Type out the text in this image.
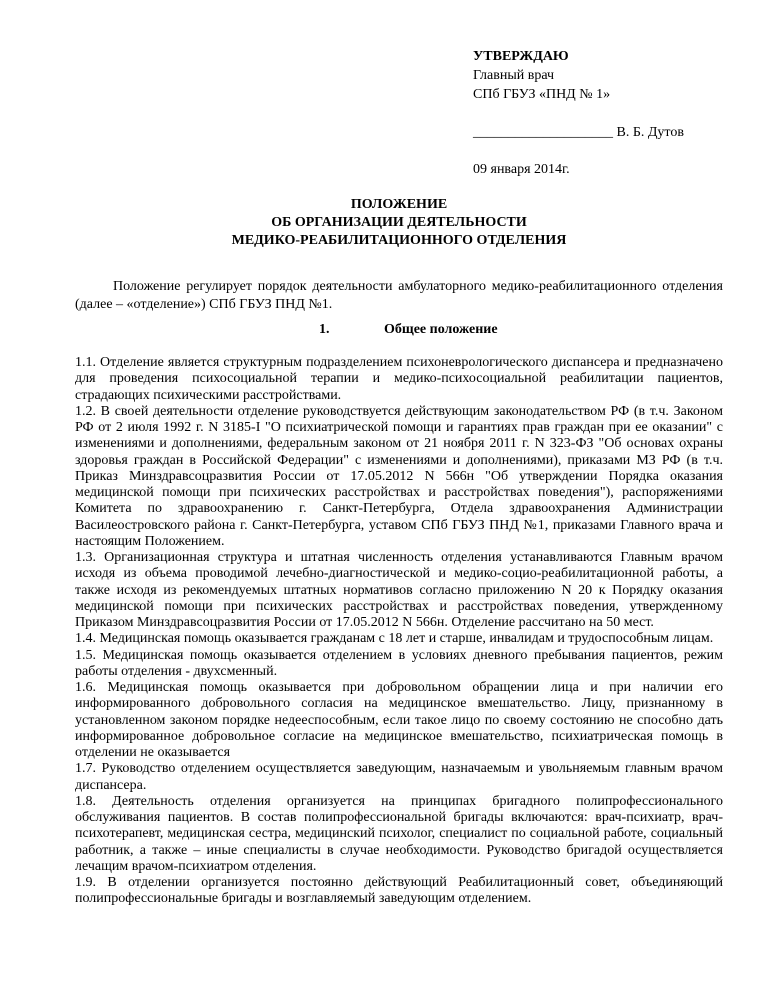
УТВЕРЖДАЮ
Главный врач
СПб ГБУЗ «ПНД № 1»
____________________ В. Б. Дутов
09 января 2014г.
ПОЛОЖЕНИЕ
ОБ ОРГАНИЗАЦИИ ДЕЯТЕЛЬНОСТИ
МЕДИКО-РЕАБИЛИТАЦИОННОГО ОТДЕЛЕНИЯ
Положение регулирует порядок деятельности амбулаторного медико-реабилитационного отделения (далее – «отделение») СПб ГБУЗ ПНД №1.
1.	Общее положение

1.1. Отделение является структурным подразделением психоневрологического диспансера и предназначено для проведения психосоциальной терапии и медико-психосоциальной реабилитации пациентов, страдающих психическими расстройствами.

1.2. В своей деятельности отделение руководствуется действующим законодательством РФ (в т.ч. Законом РФ от 2 июля 1992 г. N 3185-I "О психиатрической помощи и гарантиях прав граждан при ее оказании" с изменениями и дополнениями, федеральным законом от 21 ноября 2011 г. N 323-ФЗ "Об основах охраны здоровья граждан в Российской Федерации" с изменениями и дополнениями), приказами МЗ РФ (в т.ч. Приказ Минздравсоцразвития России от 17.05.2012 N 566н "Об утверждении Порядка оказания медицинской помощи при психических расстройствах и расстройствах поведения"), распоряжениями Комитета по здравоохранению г. Санкт-Петербурга, Отдела здравоохранения Администрации Василеостровского района г. Санкт-Петербурга, уставом СПб ГБУЗ ПНД №1, приказами Главного врача и настоящим Положением.

1.3. Организационная структура и штатная численность отделения устанавливаются Главным врачом исходя из объема проводимой лечебно-диагностической и медико-социо-реабилитационной работы, а также исходя из рекомендуемых штатных нормативов согласно приложению N 20 к Порядку оказания медицинской помощи при психических расстройствах и расстройствах поведения, утвержденному Приказом Минздравсоцразвития России от 17.05.2012 N 566н. Отделение рассчитано на 50 мест.

1.4. Медицинская помощь оказывается гражданам с 18 лет и старше, инвалидам и трудоспособным лицам.

1.5. Медицинская помощь оказывается отделением в условиях дневного пребывания пациентов, режим работы отделения - двухсменный.

1.6. Медицинская помощь оказывается при добровольном обращении лица и при наличии его информированного добровольного согласия на медицинское вмешательство. Лицу, признанному в установленном законом порядке недееспособным, если такое лицо по своему состоянию не способно дать информированное добровольное согласие на медицинское вмешательство, психиатрическая помощь в отделении не оказывается

1.7. Руководство отделением осуществляется заведующим, назначаемым и увольняемым главным врачом диспансера.

1.8. Деятельность отделения организуется на принципах бригадного полипрофессионального обслуживания пациентов. В состав полипрофессиональной бригады включаются: врач-психиатр, врач-психотерапевт, медицинская сестра, медицинский психолог, специалист по социальной работе, социальный работник, а также – иные специалисты в случае необходимости. Руководство бригадой осуществляется лечащим врачом-психиатром отделения.

1.9. В отделении организуется постоянно действующий Реабилитационный совет, объединяющий полипрофессиональные бригады и возглавляемый заведующим отделением.
